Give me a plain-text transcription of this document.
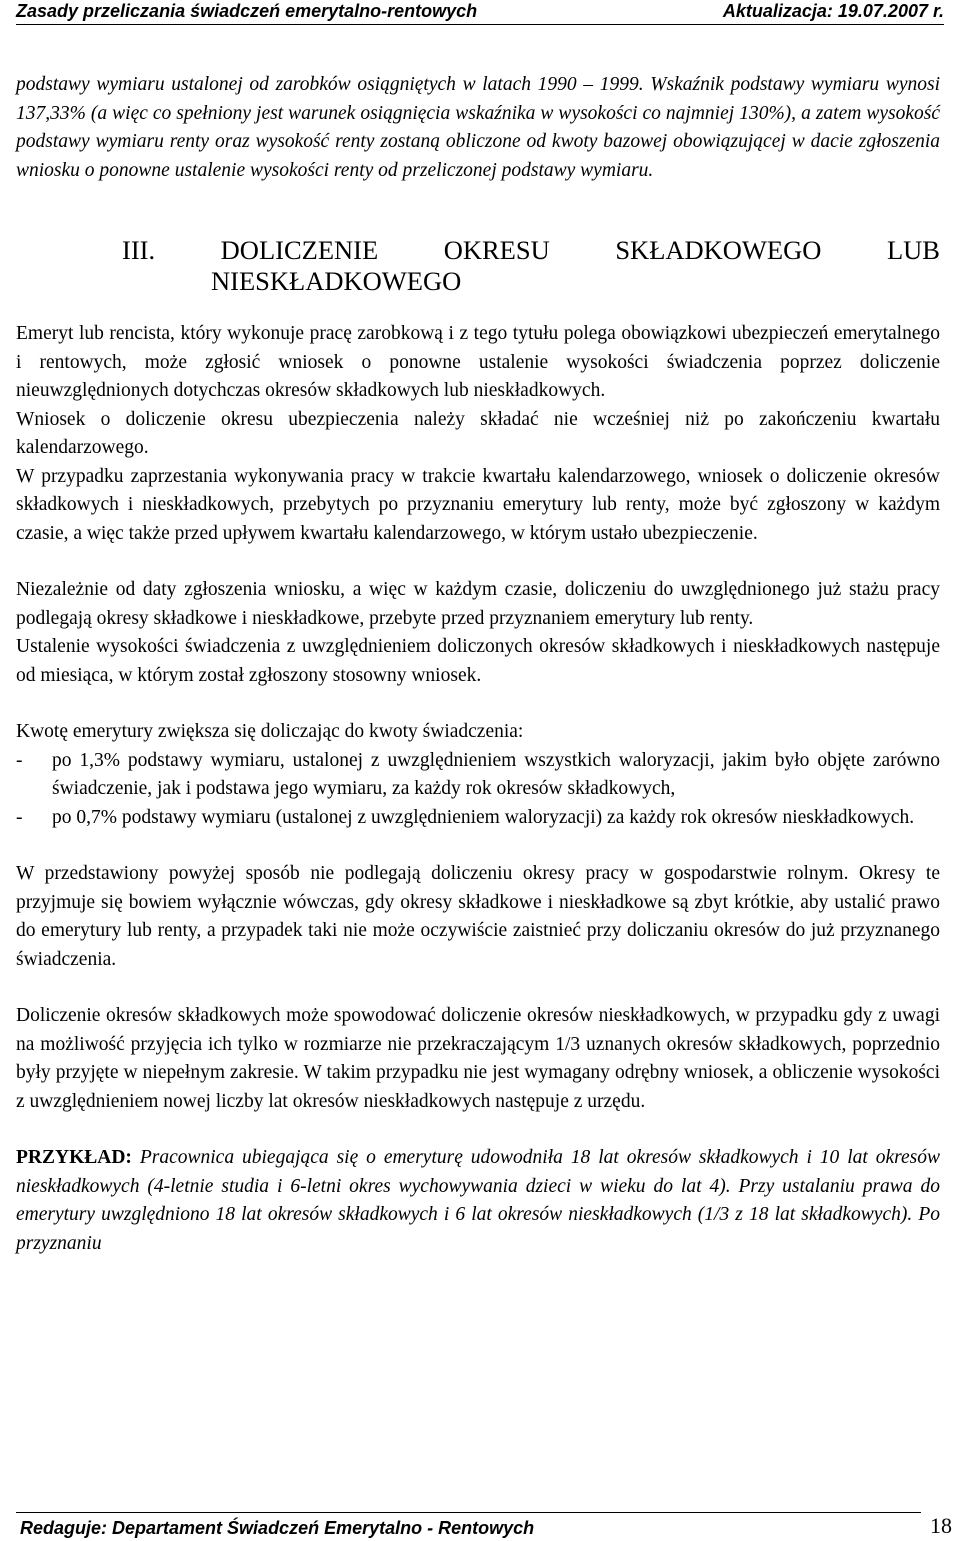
Zasady przeliczania świadczeń emerytalno-rentowych	Aktualizacja: 19.07.2007 r.

podstawy wymiaru ustalonej od zarobków osiągniętych w latach 1990 – 1999. Wskaźnik podstawy wymiaru wynosi 137,33% (a więc co spełniony jest warunek osiągnięcia wskaźnika w wysokości co najmniej 130%), a zatem wysokość podstawy wymiaru renty oraz wysokość renty zostaną obliczone od kwoty bazowej obowiązującej w dacie zgłoszenia wniosku o ponowne ustalenie wysokości renty od przeliczonej podstawy wymiaru.

III. DOLICZENIE OKRESU SKŁADKOWEGO LUB
NIESKŁADKOWEGO

Emeryt lub rencista, który wykonuje pracę zarobkową i z tego tytułu polega obowiązkowi ubezpieczeń emerytalnego i rentowych, może zgłosić wniosek o ponowne ustalenie wysokości świadczenia poprzez doliczenie nieuwzględnionych dotychczas okresów składkowych lub nieskładkowych.

Wniosek o doliczenie okresu ubezpieczenia należy składać nie wcześniej niż po zakończeniu kwartału kalendarzowego.

W przypadku zaprzestania wykonywania pracy w trakcie kwartału kalendarzowego, wniosek o doliczenie okresów składkowych i nieskładkowych, przebytych po przyznaniu emerytury lub renty, może być zgłoszony w każdym czasie, a więc także przed upływem kwartału kalendarzowego, w którym ustało ubezpieczenie.

Niezależnie od daty zgłoszenia wniosku, a więc w każdym czasie, doliczeniu do uwzględnionego już stażu pracy podlegają okresy składkowe i nieskładkowe, przebyte przed przyznaniem emerytury lub renty.

Ustalenie wysokości świadczenia z uwzględnieniem doliczonych okresów składkowych i nieskładkowych następuje od miesiąca, w którym został zgłoszony stosowny wniosek.

Kwotę emerytury zwiększa się doliczając do kwoty świadczenia:

-	po 1,3% podstawy wymiaru, ustalonej z uwzględnieniem wszystkich waloryzacji, jakim było objęte zarówno świadczenie, jak i podstawa jego wymiaru, za każdy rok okresów składkowych,
-	po 0,7% podstawy wymiaru (ustalonej z uwzględnieniem waloryzacji) za każdy rok okresów nieskładkowych.

W przedstawiony powyżej sposób nie podlegają doliczeniu okresy pracy w gospodarstwie rolnym. Okresy te przyjmuje się bowiem wyłącznie wówczas, gdy okresy składkowe i nieskładkowe są zbyt krótkie, aby ustalić prawo do emerytury lub renty, a przypadek taki nie może oczywiście zaistnieć przy doliczaniu okresów do już przyznanego świadczenia.

Doliczenie okresów składkowych może spowodować doliczenie okresów nieskładkowych, w przypadku gdy z uwagi na możliwość przyjęcia ich tylko w rozmiarze nie przekraczającym 1/3 uznanych okresów składkowych, poprzednio były przyjęte w niepełnym zakresie. W takim przypadku nie jest wymagany odrębny wniosek, a obliczenie wysokości z uwzględnieniem nowej liczby lat okresów nieskładkowych następuje z urzędu.

PRZYKŁAD: Pracownica ubiegająca się o emeryturę udowodniła 18 lat okresów składkowych i 10 lat okresów nieskładkowych (4-letnie studia i 6-letni okres wychowywania dzieci w wieku do lat 4). Przy ustalaniu prawa do emerytury uwzględniono 18 lat okresów składkowych i 6 lat okresów nieskładkowych (1/3 z 18 lat składkowych). Po przyznaniu

Redaguje: Departament Świadczeń Emerytalno - Rentowych	18
